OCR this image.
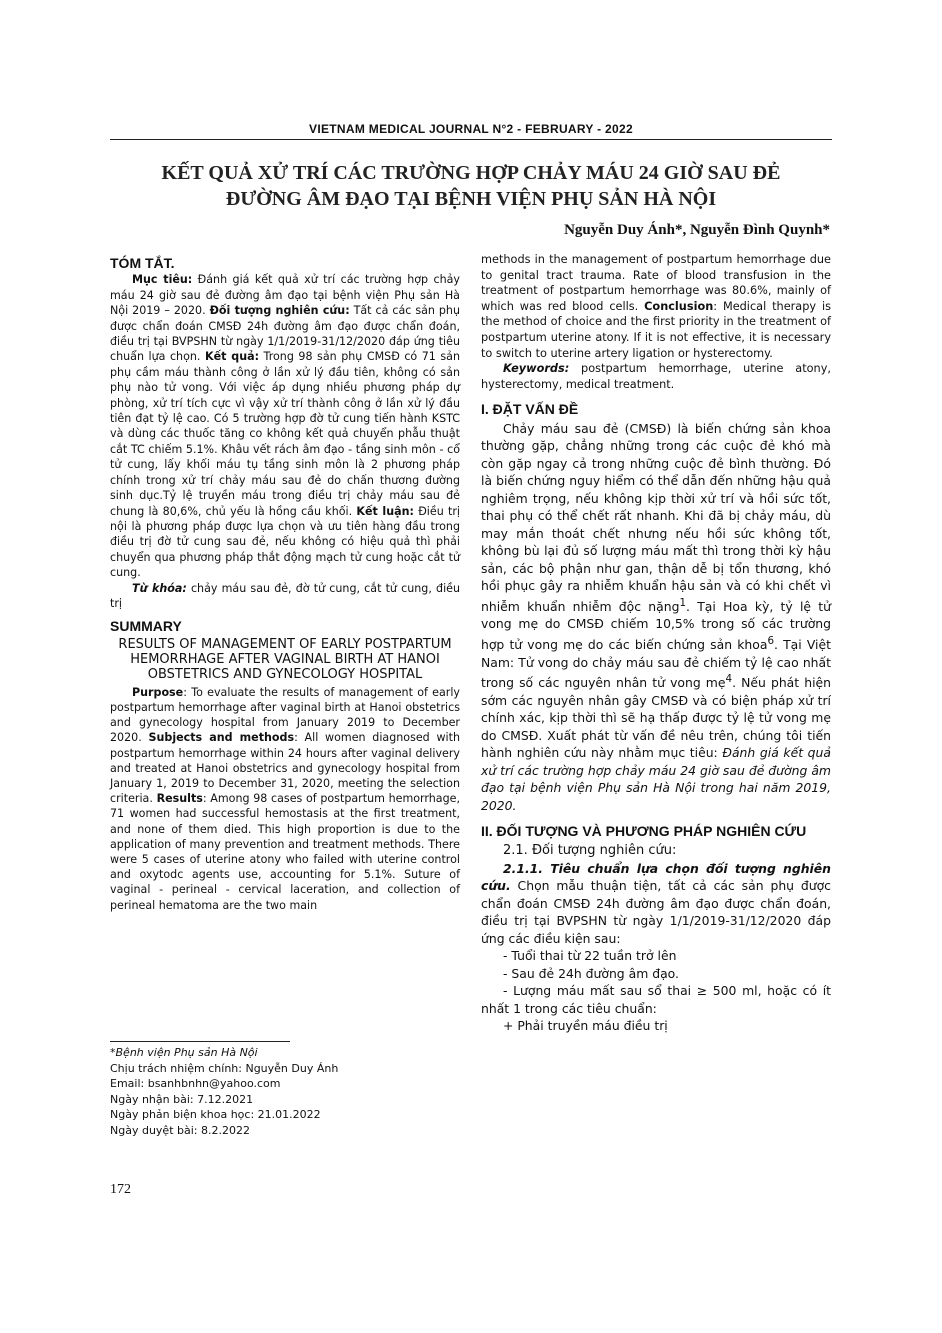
VIETNAM MEDICAL JOURNAL N°2 - FEBRUARY - 2022
KẾT QUẢ XỬ TRÍ CÁC TRƯỜNG HỢP CHẢY MÁU 24 GIỜ SAU ĐẺ
ĐƯỜNG ÂM ĐẠO TẠI BỆNH VIỆN PHỤ SẢN HÀ NỘI
Nguyễn Duy Ánh*, Nguyễn Đình Quynh*

TÓM TẮT.

Mục tiêu: Đánh giá kết quả xử trí các trường hợp chảy máu 24 giờ sau đẻ đường âm đạo tại bệnh viện Phụ sản Hà Nội 2019 – 2020. Đối tượng nghiên cứu: Tất cả các sản phụ được chẩn đoán CMSĐ 24h đường âm đạo được chẩn đoán, điều trị tại BVPSHN từ ngày 1/1/2019-31/12/2020 đáp ứng tiêu chuẩn lựa chọn. Kết quả: Trong 98 sản phụ CMSĐ có 71 sản phụ cầm máu thành công ở lần xử lý đầu tiên, không có sản phụ nào tử vong. Với việc áp dụng nhiều phương pháp dự phòng, xử trí tích cực vì vậy xử trí thành công ở lần xử lý đầu tiên đạt tỷ lệ cao. Có 5 trường hợp đờ tử cung tiến hành KSTC và dùng các thuốc tăng co không kết quả chuyển phẫu thuật cắt TC chiếm 5.1%. Khâu vết rách âm đạo - tầng sinh môn - cổ tử cung, lấy khối máu tụ tầng sinh môn là 2 phương pháp chính trong xử trí chảy máu sau đẻ do chấn thương đường sinh dục.Tỷ lệ truyền máu trong điều trị chảy máu sau đẻ chung là 80,6%, chủ yếu là hồng cầu khối. Kết luận: Điều trị nội là phương pháp được lựa chọn và ưu tiên hàng đầu trong điều trị đờ tử cung sau đẻ, nếu không có hiệu quả thì phải chuyển qua phương pháp thắt động mạch tử cung hoặc cắt tử cung.

Từ khóa: chảy máu sau đẻ, đờ tử cung, cắt tử cung, điều trị

SUMMARY

RESULTS OF MANAGEMENT OF EARLY POSTPARTUM HEMORRHAGE AFTER VAGINAL BIRTH AT HANOI OBSTETRICS AND GYNECOLOGY HOSPITAL

Purpose: To evaluate the results of management of early postpartum hemorrhage after vaginal birth at Hanoi obstetrics and gynecology hospital from January 2019 to December 2020. Subjects and methods: All women diagnosed with postpartum hemorrhage within 24 hours after vaginal delivery and treated at Hanoi obstetrics and gynecology hospital from January 1, 2019 to December 31, 2020, meeting the selection criteria. Results: Among 98 cases of postpartum hemorrhage, 71 women had successful hemostasis at the first treatment, and none of them died. This high proportion is due to the application of many prevention and treatment methods. There were 5 cases of uterine atony who failed with uterine control and oxytodc agents use, accounting for 5.1%. Suture of vaginal - perineal - cervical laceration, and collection of perineal hematoma are the two main

*Bệnh viện Phụ sản Hà Nội
Chịu trách nhiệm chính: Nguyễn Duy Ánh
Email: bsanhbnhn@yahoo.com
Ngày nhận bài: 7.12.2021
Ngày phản biện khoa học: 21.01.2022
Ngày duyệt bài: 8.2.2022
172

methods in the management of postpartum hemorrhage due to genital tract trauma. Rate of blood transfusion in the treatment of postpartum hemorrhage was 80.6%, mainly of which was red blood cells. Conclusion: Medical therapy is the method of choice and the first priority in the treatment of postpartum uterine atony. If it is not effective, it is necessary to switch to uterine artery ligation or hysterectomy.

Keywords: postpartum hemorrhage, uterine atony, hysterectomy, medical treatment.

I. ĐẶT VẤN ĐỀ

Chảy máu sau đẻ (CMSĐ) là biến chứng sản khoa thường gặp, chẳng những trong các cuộc đẻ khó mà còn gặp ngay cả trong những cuộc đẻ bình thường. Đó là biến chứng nguy hiểm có thể dẫn đến những hậu quả nghiêm trọng, nếu không kịp thời xử trí và hồi sức tốt, thai phụ có thể chết rất nhanh. Khi đã bị chảy máu, dù may mắn thoát chết nhưng nếu hồi sức không tốt, không bù lại đủ số lượng máu mất thì trong thời kỳ hậu sản, các bộ phận như gan, thận dễ bị tổn thương, khó hồi phục gây ra nhiễm khuẩn hậu sản và có khi chết vì nhiễm khuẩn nhiễm độc nặng$^1$. Tại Hoa kỳ, tỷ lệ tử vong mẹ do CMSĐ chiếm 10,5% trong số các trường hợp tử vong mẹ do các biến chứng sản khoa$^6$. Tại Việt Nam: Tử vong do chảy máu sau đẻ chiếm tỷ lệ cao nhất trong số các nguyên nhân tử vong mẹ$^4$. Nếu phát hiện sớm các nguyên nhân gây CMSĐ và có biện pháp xử trí chính xác, kịp thời thì sẽ hạ thấp được tỷ lệ tử vong mẹ do CMSĐ. Xuất phát từ vấn đề nêu trên, chúng tôi tiến hành nghiên cứu này nhằm mục tiêu: Đánh giá kết quả xử trí các trường hợp chảy máu 24 giờ sau đẻ đường âm đạo tại bệnh viện Phụ sản Hà Nội trong hai năm 2019, 2020.

II. ĐỐI TƯỢNG VÀ PHƯƠNG PHÁP NGHIÊN CỨU

2.1. Đối tượng nghiên cứu:

2.1.1. Tiêu chuẩn lựa chọn đối tượng nghiên cứu. Chọn mẫu thuận tiện, tất cả các sản phụ được chẩn đoán CMSĐ 24h đường âm đạo được chẩn đoán, điều trị tại BVPSHN từ ngày 1/1/2019-31/12/2020 đáp ứng các điều kiện sau:

- Tuổi thai từ 22 tuần trở lên

- Sau đẻ 24h đường âm đạo.

- Lượng máu mất sau sổ thai ≥ 500 ml, hoặc có ít nhất 1 trong các tiêu chuẩn:

+ Phải truyền máu điều trị
